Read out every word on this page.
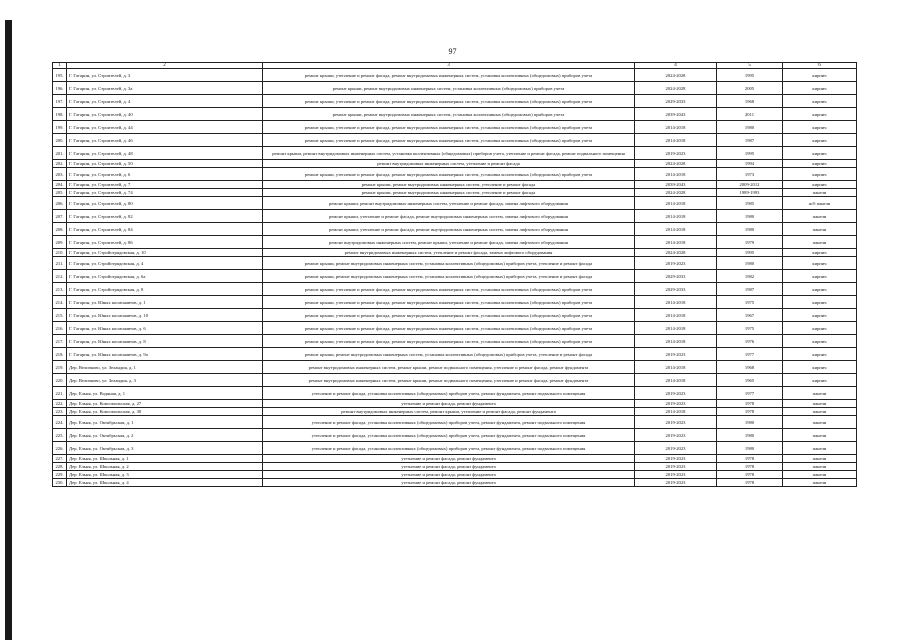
97
1	2	3	4	5	6
195.	Г. Гагарин, ул. Строителей, д. 3	ремонт крыши, утепление и ремонт фасада, ремонт внутридомовых инженерных систем, установка коллективных (общедомовых) приборов учета	2024-2028	1995	кирпич
196.	Г. Гагарин, ул. Строителей, д. 3а	ремонт крыши, ремонт внутридомовых инженерных систем, установка коллективных (общедомовых) приборов учета	2024-2028	2005	кирпич
197.	Г. Гагарин, ул. Строителей, д. 4	ремонт крыши, утепление и ремонт фасада, ремонт внутридомовых инженерных систем, установка коллективных (общедомовых) приборов учета	2029-2033	1968	кирпич
198.	Г. Гагарин, ул. Строителей, д. 40	ремонт крыши, ремонт внутридомовых инженерных систем, установка коллективных (общедомовых) приборов учета	2039-2043	2011	кирпич
199.	Г. Гагарин, ул. Строителей, д. 44	ремонт крыши, утепление и ремонт фасада, ремонт внутридомовых инженерных систем, установка коллективных (общедомовых) приборов учета	2014-2018	1980	кирпич
200.	Г. Гагарин, ул. Строителей, д. 46	ремонт крыши, утепление и ремонт фасада, ремонт внутридомовых инженерных систем, установка коллективных (общедомовых) приборов учета	2014-2018	1987	кирпич
201.	Г. Гагарин, ул. Строителей, д. 48	ремонт крыши, ремонт внутридомовых инженерных систем, установка коллективных (общедомовых) приборов учета, утепление и ремонт фасада, ремонт подвального помещения	2019-2023	1995	кирпич
202.	Г. Гагарин, ул. Строителей, д. 50	ремонт внутридомовых инженерных систем, утепление и ремонт фасада	2024-2028	1994	кирпич
203.	Г. Гагарин, ул. Строителей, д. 6	ремонт крыши, утепление и ремонт фасада, ремонт внутридомовых инженерных систем, установка коллективных (общедомовых) приборов учета	2014-2018	1973	кирпич
204.	Г. Гагарин, ул. Строителей, д. 7	ремонт крыши, ремонт внутридомовых инженерных систем, утепление и ремонт фасада	2039-2043	2009-2012	кирпич
205.	Г. Гагарин, ул. Строителей, д. 74	ремонт крыши, ремонт внутридомовых инженерных систем, утепление и ремонт фасада	2024-2028	1989-1993	панели
206.	Г. Гагарин, ул. Строителей, д. 80	ремонт крыши, ремонт внутридомовых инженерных систем, утепление и ремонт фасада, замена лифтового оборудования	2014-2018	1985	ж/б панели
207.	Г. Гагарин, ул. Строителей, д. 82	ремонт крыши, утепление и ремонт фасада, ремонт внутридомовых инженерных систем, замена лифтового оборудования	2014-2018	1980	панели
208.	Г. Гагарин, ул. Строителей, д. 84	ремонт крыши, утепление и ремонт фасада, ремонт внутридомовых инженерных систем, замена лифтового оборудования	2014-2018	1980	панели
209.	Г. Гагарин, ул. Строителей, д. 86	ремонт внутридомовых инженерных систем, ремонт крыши, утепление и ремонт фасада, замена лифтового оборудования	2014-2018	1979	панели
210.	Г. Гагарин, ул. Стройотрядовская, д. 10	ремонт внутридомовых инженерных систем, утепление и ремонт фасада, замена лифтового оборудования	2024-2028	1995	кирпич
211.	Г. Гагарин, ул. Стройотрядовская, д. 4	ремонт крыши, ремонт внутридомовых инженерных систем, установка коллективных (общедомовых) приборов учета, утепление и ремонт фасада	2019-2023	1980	кирпич
212.	Г. Гагарин, ул. Стройотрядовская, д. 6а	ремонт крыши, ремонт внутридомовых инженерных систем, установка коллективных (общедомовых) приборов учета, утепление и ремонт фасада	2029-2033	1982	кирпич
213.	Г. Гагарин, ул. Стройотрядовская, д. 8	ремонт крыши, утепление и ремонт фасада, ремонт внутридомовых инженерных систем, установка коллективных (общедомовых) приборов учета	2029-2033	1987	кирпич
214.	Г. Гагарин, ул. Юных космонавтов, д. 1	ремонт крыши, утепление и ремонт фасада, ремонт внутридомовых инженерных систем, установка коллективных (общедомовых) приборов учета	2014-2018	1975	кирпич
215.	Г. Гагарин, ул. Юных космонавтов, д. 10	ремонт крыши, утепление и ремонт фасада, ремонт внутридомовых инженерных систем, установка коллективных (общедомовых) приборов учета	2014-2018	1967	кирпич
216.	Г. Гагарин, ул. Юных космонавтов, д. 6	ремонт крыши, утепление и ремонт фасада, ремонт внутридомовых инженерных систем, установка коллективных (общедомовых) приборов учета	2014-2018	1975	кирпич
217.	Г. Гагарин, ул. Юных космонавтов, д. 8	ремонт крыши, утепление и ремонт фасада, ремонт внутридомовых инженерных систем, установка коллективных (общедомовых) приборов учета	2014-2018	1976	кирпич
218.	Г. Гагарин, ул. Юных космонавтов, д. 9а	ремонт крыши, ремонт внутридомовых инженерных систем, установка коллективных (общедомовых) приборов учета, утепление и ремонт фасада	2019-2023	1977	кирпич
219.	Дер. Величково, ул. Зеландия, д. 1	ремонт внутридомовых инженерных систем, ремонт крыши, ремонт подвального помещения, утепление и ремонт фасада, ремонт фундамента	2014-2018	1968	кирпич
220.	Дер. Величково, ул. Зеландия, д. 3	ремонт внутридомовых инженерных систем, ремонт крыши, ремонт подвального помещения, утепление и ремонт фасада, ремонт фундамента	2014-2018	1965	кирпич
221.	Дер. Ельня, ул. Водяная, д. 1	утепление и ремонт фасада, установка коллективных (общедомовых) приборов учета, ремонт фундамента, ремонт подвального помещения	2019-2023	1977	панели
222.	Дер. Ельня, ул. Комсомольская, д. 27	утепление и ремонт фасада, ремонт фундамента	2019-2023	1978	панели
223.	Дер. Ельня, ул. Комсомольская, д. 30	ремонт внутридомовых инженерных систем, ремонт крыши, утепление и ремонт фасада, ремонт фундамента	2014-2018	1978	панели
224.	Дер. Ельня, ул. Октябрьская, д. 1	утепление и ремонт фасада, установка коллективных (общедомовых) приборов учета, ремонт фундамента, ремонт подвального помещения	2019-2023	1980	панели
225.	Дер. Ельня, ул. Октябрьская, д. 2	утепление и ремонт фасада, установка коллективных (общедомовых) приборов учета, ремонт фундамента, ремонт подвального помещения	2019-2023	1980	панели
226.	Дер. Ельня, ул. Октябрьская, д. 3	утепление и ремонт фасада, установка коллективных (общедомовых) приборов учета, ремонт фундамента, ремонт подвального помещения	2019-2023	1980	панели
227.	Дер. Ельня, ул. Школьная, д. 1	утепление и ремонт фасада, ремонт фундамента	2019-2023	1978	панели
228.	Дер. Ельня, ул. Школьная, д. 2	утепление и ремонт фасада, ремонт фундамента	2019-2023	1978	панели
229.	Дер. Ельня, ул. Школьная, д. 3	утепление и ремонт фасада, ремонт фундамента	2019-2023	1978	панели
230.	Дер. Ельня, ул. Школьная, д. 4	утепление и ремонт фасада, ремонт фундамента	2019-2023	1978	панели
